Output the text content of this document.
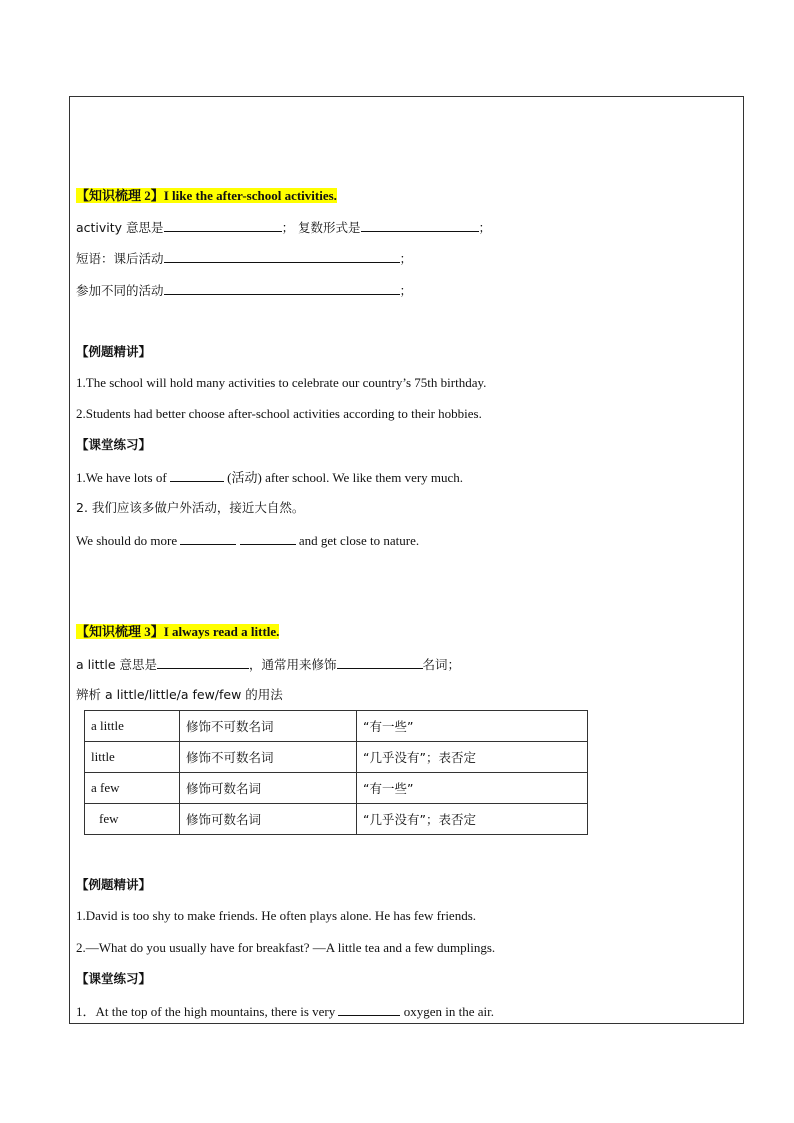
【知识梳理 2】I like the after-school activities.
activity 意思是	； 复数形式是	；
短语：课后活动	；
参加不同的活动	；
【例题精讲】
1.The school will hold many activities to celebrate our country’s 75th birthday.
2.Students had better choose after-school activities according to their hobbies.
【课堂练习】
1.We have lots of	(活动) after school. We like them very much.
2. 我们应该多做户外活动，接近大自然。
We should do more	and get close to nature.
【知识梳理 3】I always read a little.
a little 意思是	，通常用来修饰	名词；
辨析 a little/little/a few/few 的用法
a little	修饰不可数名词	“有一些”
little	修饰不可数名词	“几乎没有”；表否定
a few	修饰可数名词	“有一些”
few	修饰可数名词	“几乎没有”；表否定
【例题精讲】
1.David is too shy to make friends. He often plays alone. He has few friends.
2.—What do you usually have for breakfast? —A little tea and a few dumplings.
【课堂练习】
1．At the top of the high mountains, there is very	oxygen in the air.
